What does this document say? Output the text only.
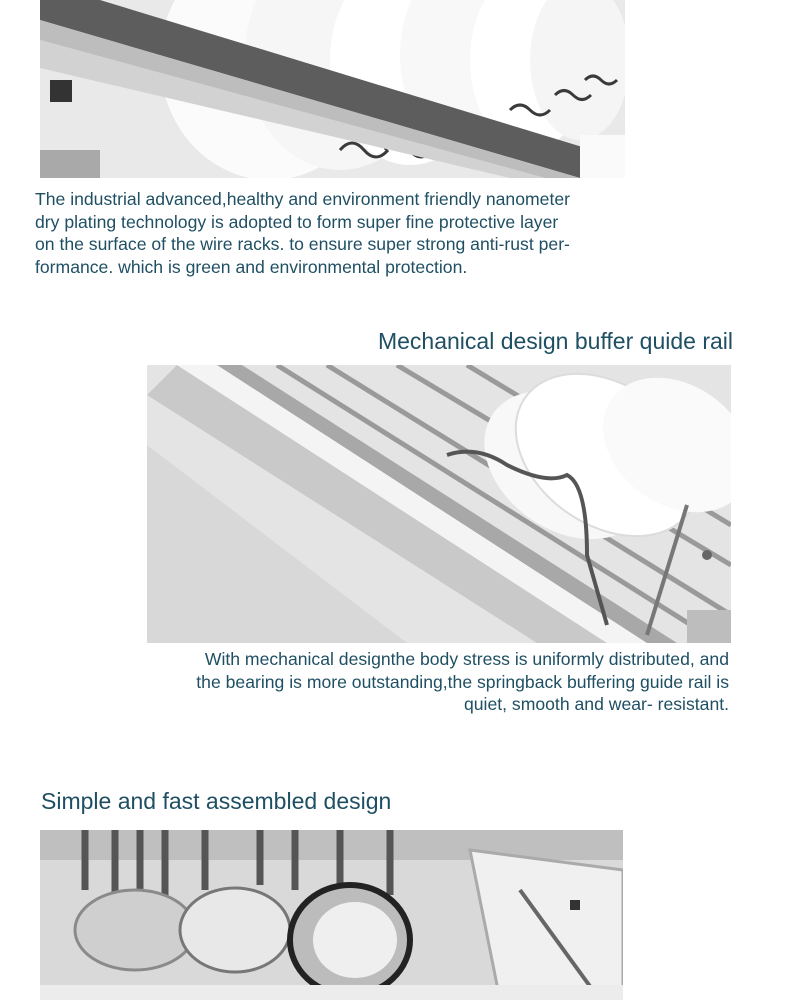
The industrial advanced,healthy and environment friendly nanometer
dry plating technology is adopted to form super fine protective layer
on the surface of the wire racks. to ensure super strong anti-rust per-
formance. which is green and environmental protection.

Mechanical design buffer quide rail

With mechanical designthe body stress is uniformly distributed, and
the bearing is more outstanding,the springback buffering guide rail is
quiet, smooth and wear- resistant.

Simple and fast assembled design
